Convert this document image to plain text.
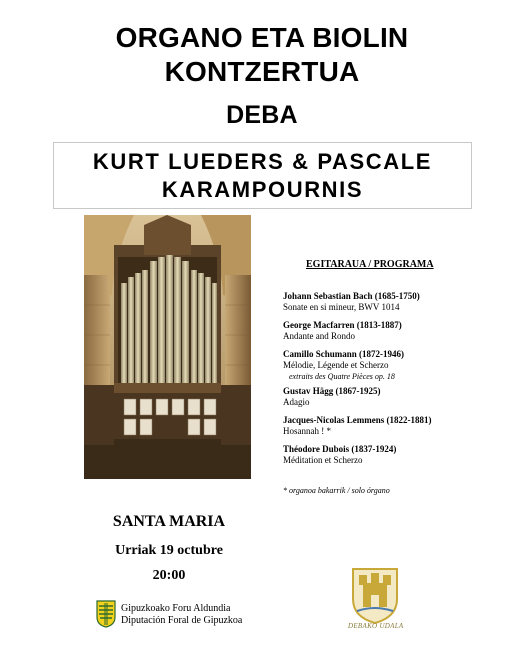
ORGANO ETA BIOLIN
KONTZERTUA
DEBA
KURT LUEDERS & PASCALE
KARAMPOURNIS
EGITARAUA / PROGRAMA
Johann Sebastian Bach (1685-1750)
Sonate en si mineur, BWV 1014
George Macfarren (1813-1887)
Andante and Rondo
Camillo Schumann (1872-1946)
Mélodie, Légende et Scherzo
extraits des Quatre Pièces op. 18
Gustav Hägg (1867-1925)
Adagio
Jacques-Nicolas Lemmens (1822-1881)
Hosannah ! *
Théodore Dubois (1837-1924)
Méditation et Scherzo
* organoa bakarrik / solo órgano
SANTA MARIA
Urriak 19 octubre
20:00
Gipuzkoako Foru Aldundia
Diputación Foral de Gipuzkoa	DEBAKO UDALA
